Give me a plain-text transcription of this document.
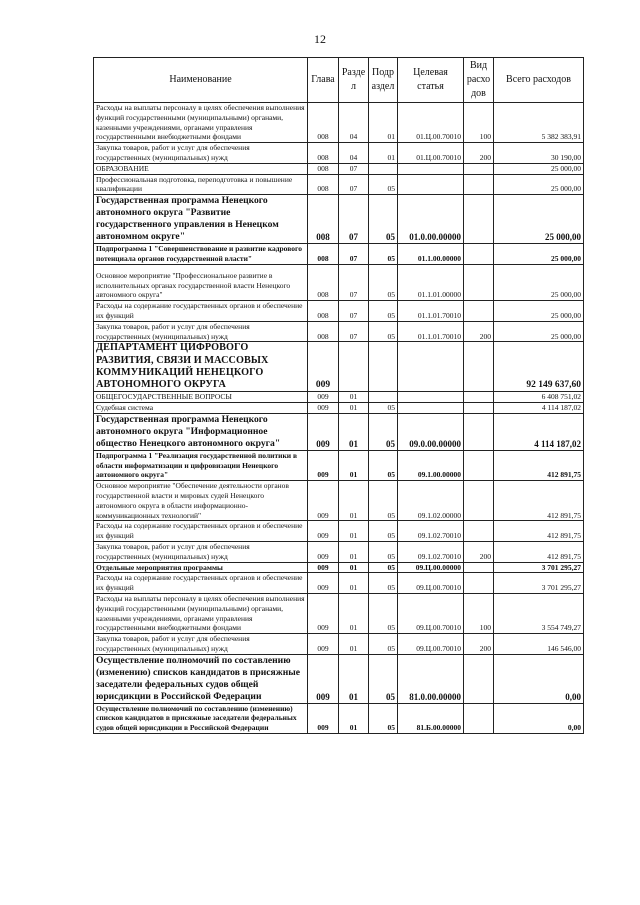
12
Наименование	Глава	Разде л	Подр аздел	Целевая статья	Вид расхо дов	Всего расходов
Расходы на выплаты персоналу в целях обеспечения выполнения функций государственными (муниципальными) органами, казенными учреждениями, органами управления государственными внебюджетными фондами	008	04	01	01.Ц.00.70010	100	5 382 383,91
Закупка товаров, работ и услуг для обеспечения государственных (муниципальных) нужд	008	04	01	01.Ц.00.70010	200	30 190,00
ОБРАЗОВАНИЕ	008	07				25 000,00
Профессиональная подготовка, переподготовка и повышение квалификации	008	07	05			25 000,00
Государственная программа Ненецкого автономного округа "Развитие государственного управления в Ненецком автономном округе"	008	07	05	01.0.00.00000		25 000,00
Подпрограмма 1 "Совершенствование и развитие кадрового потенциала органов государственной власти"	008	07	05	01.1.00.00000		25 000,00
Основное мероприятие "Профессиональное развитие в исполнительных органах государственной власти Ненецкого автономного округа"	008	07	05	01.1.01.00000		25 000,00
Расходы на содержание государственных органов и обеспечение их функций	008	07	05	01.1.01.70010		25 000,00
Закупка товаров, работ и услуг для обеспечения государственных (муниципальных) нужд	008	07	05	01.1.01.70010	200	25 000,00
ДЕПАРТАМЕНТ ЦИФРОВОГО РАЗВИТИЯ, СВЯЗИ И МАССОВЫХ КОММУНИКАЦИЙ НЕНЕЦКОГО АВТОНОМНОГО ОКРУГА	009					92 149 637,60
ОБЩЕГОСУДАРСТВЕННЫЕ ВОПРОСЫ	009	01				6 408 751,02
Судебная система	009	01	05			4 114 187,02
Государственная программа Ненецкого автономного округа "Информационное общество Ненецкого автономного округа"	009	01	05	09.0.00.00000		4 114 187,02
Подпрограмма 1 "Реализация государственной политики в области информатизации и цифровизации Ненецкого автономного округа"	009	01	05	09.1.00.00000		412 891,75
Основное мероприятие "Обеспечение деятельности органов государственной власти и мировых судей Ненецкого автономного округа в области информационно-коммуникационных технологий"	009	01	05	09.1.02.00000		412 891,75
Расходы на содержание государственных органов и обеспечение их функций	009	01	05	09.1.02.70010		412 891,75
Закупка товаров, работ и услуг для обеспечения государственных (муниципальных) нужд	009	01	05	09.1.02.70010	200	412 891,75
Отдельные мероприятия программы	009	01	05	09.Ц.00.00000		3 701 295,27
Расходы на содержание государственных органов и обеспечение их функций	009	01	05	09.Ц.00.70010		3 701 295,27
Расходы на выплаты персоналу в целях обеспечения выполнения функций государственными (муниципальными) органами, казенными учреждениями, органами управления государственными внебюджетными фондами	009	01	05	09.Ц.00.70010	100	3 554 749,27
Закупка товаров, работ и услуг для обеспечения государственных (муниципальных) нужд	009	01	05	09.Ц.00.70010	200	146 546,00
Осуществление полномочий по составлению (изменению) списков кандидатов в присяжные заседатели федеральных судов общей юрисдикции в Российской Федерации	009	01	05	81.0.00.00000		0,00
Осуществление полномочий по составлению (изменению) списков кандидатов в присяжные заседатели федеральных судов общей юрисдикции в Российской Федерации	009	01	05	81.Б.00.00000		0,00
